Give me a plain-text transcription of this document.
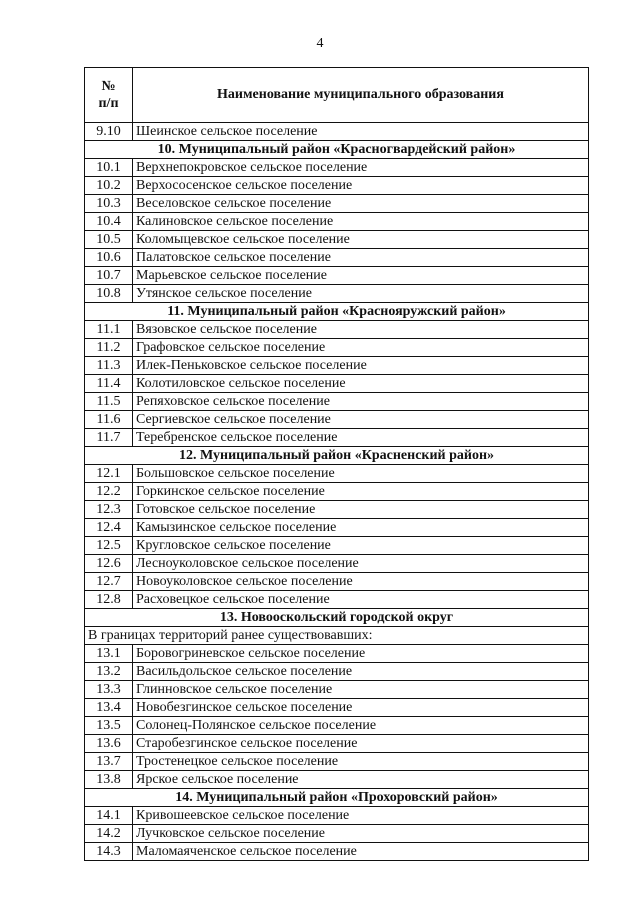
4
№
п/п	Наименование муниципального образования
9.10	Шеинское сельское поселение
10. Муниципальный район «Красногвардейский район»	
10.1	Верхнепокровское сельское поселение
10.2	Верхососенское сельское поселение
10.3	Веселовское сельское поселение
10.4	Калиновское сельское поселение
10.5	Коломыцевское сельское поселение
10.6	Палатовское сельское поселение
10.7	Марьевское сельское поселение
10.8	Утянское сельское поселение
11. Муниципальный район «Краснояружский район»	
11.1	Вязовское сельское поселение
11.2	Графовское сельское поселение
11.3	Илек-Пеньковское сельское поселение
11.4	Колотиловское сельское поселение
11.5	Репяховское сельское поселение
11.6	Сергиевское сельское поселение
11.7	Теребренское сельское поселение
12. Муниципальный район «Красненский район»	
12.1	Большовское сельское поселение
12.2	Горкинское сельское поселение
12.3	Готовское сельское поселение
12.4	Камызинское сельское поселение
12.5	Кругловское сельское поселение
12.6	Лесноуколовское сельское поселение
12.7	Новоуколовское сельское поселение
12.8	Расховецкое сельское поселение
13. Новооскольский городской округ	
В границах территорий ранее существовавших:	
13.1	Боровогриневское сельское поселение
13.2	Васильдольское сельское поселение
13.3	Глинновское сельское поселение
13.4	Новобезгинское сельское поселение
13.5	Солонец-Полянское сельское поселение
13.6	Старобезгинское сельское поселение
13.7	Тростенецкое сельское поселение
13.8	Ярское сельское поселение
14. Муниципальный район «Прохоровский район»	
14.1	Кривошеевское сельское поселение
14.2	Лучковское сельское поселение
14.3	Маломаяченское сельское поселение
